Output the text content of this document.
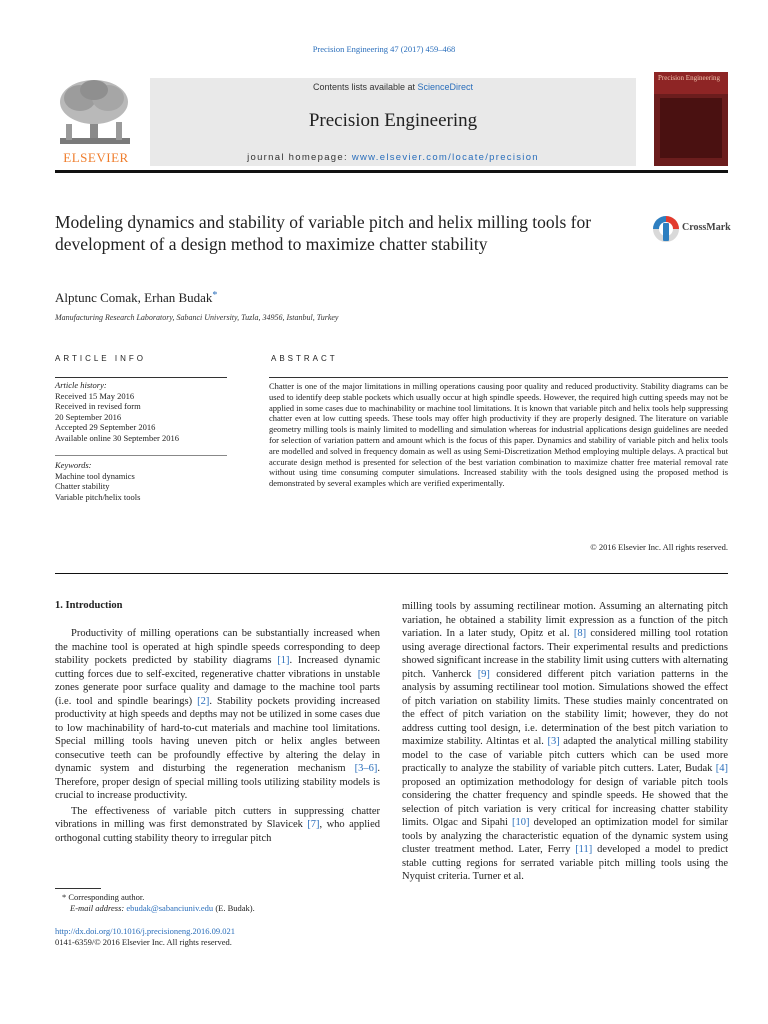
Precision Engineering 47 (2017) 459–468
ELSEVIER
Contents lists available at ScienceDirect
Precision Engineering
journal homepage: www.elsevier.com/locate/precision
Precision Engineering
Modeling dynamics and stability of variable pitch and helix milling tools for development of a design method to maximize chatter stability
CrossMark
Alptunc Comak, Erhan Budak*
Manufacturing Research Laboratory, Sabanci University, Tuzla, 34956, Istanbul, Turkey
ARTICLE INFO
Article history:
Received 15 May 2016
Received in revised form
20 September 2016
Accepted 29 September 2016
Available online 30 September 2016
Keywords:
Machine tool dynamics
Chatter stability
Variable pitch/helix tools
ABSTRACT
Chatter is one of the major limitations in milling operations causing poor quality and reduced productivity. Stability diagrams can be used to identify deep stable pockets which usually occur at high spindle speeds. However, the required high cutting speeds may not be applied in some cases due to machinability or machine tool limitations. It is known that variable pitch and helix tools help suppressing chatter even at low cutting speeds. These tools may offer high productivity if they are properly designed. The literature on variable geometry milling tools is mainly limited to modelling and simulation whereas for industrial applications design guidelines are needed for selection of variation pattern and amount which is the focus of this paper. Dynamics and stability of variable pitch and helix tools are modelled and solved in frequency domain as well as using Semi-Discretization Method employing multiple delays. A practical but accurate design method is presented for selection of the best variation combination to maximize chatter free material removal rate without using time consuming computer simulations. Increased stability with the tools designed using the proposed method is demonstrated by several examples which are verified experimentally.
© 2016 Elsevier Inc. All rights reserved.
1. Introduction

Productivity of milling operations can be substantially increased when the machine tool is operated at high spindle speeds corresponding to deep stability pockets predicted by stability diagrams [1]. Increased dynamic cutting forces due to self-excited, regenerative chatter vibrations in unstable zones generate poor surface quality and damage to the machine tool parts (i.e. tool and spindle bearings) [2]. Stability pockets providing increased productivity at high speeds and depths may not be utilized in some cases due to low machinability of hard-to-cut materials and machine tool limitations. Special milling tools having uneven pitch or helix angles between consecutive teeth can be profoundly effective by altering the delay in dynamic system and disturbing the regeneration mechanism [3–6]. Therefore, proper design of special milling tools utilizing stability models is crucial to increase productivity.

The effectiveness of variable pitch cutters in suppressing chatter vibrations in milling was first demonstrated by Slavicek [7], who applied orthogonal cutting stability theory to irregular pitch

milling tools by assuming rectilinear motion. Assuming an alternating pitch variation, he obtained a stability limit expression as a function of the pitch variation. In a later study, Opitz et al. [8] considered milling tool rotation using average directional factors. Their experimental results and predictions showed significant increase in the stability limit using cutters with alternating pitch. Vanherck [9] considered different pitch variation patterns in the analysis by assuming rectilinear tool motion. Simulations showed the effect of pitch variation on stability limits. These studies mainly concentrated on the effect of pitch variation on the stability limit; however, they do not address cutting tool design, i.e. determination of the best pitch variation to maximize stability. Altintas et al. [3] adapted the analytical milling stability model to the case of variable pitch cutters which can be used more practically to analyze the stability of variable pitch cutters. Later, Budak [4] proposed an optimization methodology for design of variable pitch tools considering the chatter frequency and spindle speeds. He showed that the selection of pitch variation is very critical for increasing chatter stability limits. Olgac and Sipahi [10] developed an optimization model for similar tools by analyzing the characteristic equation of the dynamic system using cluster treatment method. Later, Ferry [11] developed a model to predict stable cutting regions for serrated variable pitch milling tools using the Nyquist criteria. Turner et al.

* Corresponding author.
E-mail address: ebudak@sabanciuniv.edu (E. Budak).
http://dx.doi.org/10.1016/j.precisioneng.2016.09.021
0141-6359/© 2016 Elsevier Inc. All rights reserved.
